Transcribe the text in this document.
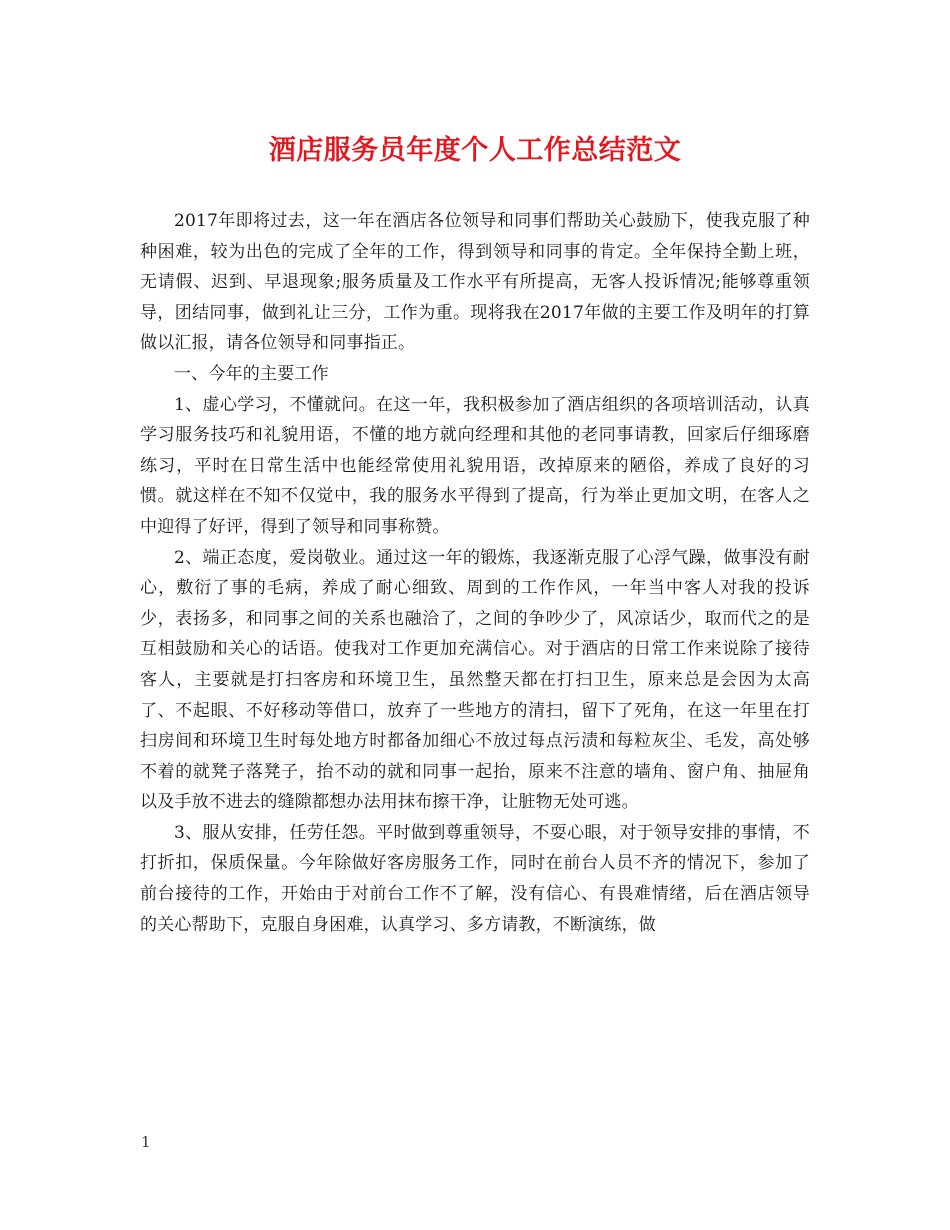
酒店服务员年度个人工作总结范文

2017年即将过去，这一年在酒店各位领导和同事们帮助关心鼓励下，使我克服了种种困难，较为出色的完成了全年的工作，得到领导和同事的肯定。全年保持全勤上班，无请假、迟到、早退现象;服务质量及工作水平有所提高，无客人投诉情况;能够尊重领导，团结同事，做到礼让三分，工作为重。现将我在2017年做的主要工作及明年的打算做以汇报，请各位领导和同事指正。

一、今年的主要工作

1、虚心学习，不懂就问。在这一年，我积极参加了酒店组织的各项培训活动，认真学习服务技巧和礼貌用语，不懂的地方就向经理和其他的老同事请教，回家后仔细琢磨练习，平时在日常生活中也能经常使用礼貌用语，改掉原来的陋俗，养成了良好的习惯。就这样在不知不仅觉中，我的服务水平得到了提高，行为举止更加文明，在客人之中迎得了好评，得到了领导和同事称赞。

2、端正态度，爱岗敬业。通过这一年的锻炼，我逐渐克服了心浮气躁，做事没有耐心，敷衍了事的毛病，养成了耐心细致、周到的工作作风，一年当中客人对我的投诉少，表扬多，和同事之间的关系也融洽了，之间的争吵少了，风凉话少，取而代之的是互相鼓励和关心的话语。使我对工作更加充满信心。对于酒店的日常工作来说除了接待客人，主要就是打扫客房和环境卫生，虽然整天都在打扫卫生，原来总是会因为太高了、不起眼、不好移动等借口，放弃了一些地方的清扫，留下了死角，在这一年里在打扫房间和环境卫生时每处地方时都备加细心不放过每点污渍和每粒灰尘、毛发，高处够不着的就凳子落凳子，抬不动的就和同事一起抬，原来不注意的墙角、窗户角、抽屉角以及手放不进去的缝隙都想办法用抹布擦干净，让脏物无处可逃。

3、服从安排，任劳任怨。平时做到尊重领导，不耍心眼，对于领导安排的事情，不打折扣，保质保量。今年除做好客房服务工作，同时在前台人员不齐的情况下，参加了前台接待的工作，开始由于对前台工作不了解，没有信心、有畏难情绪，后在酒店领导的关心帮助下，克服自身困难，认真学习、多方请教，不断演练，做

1
